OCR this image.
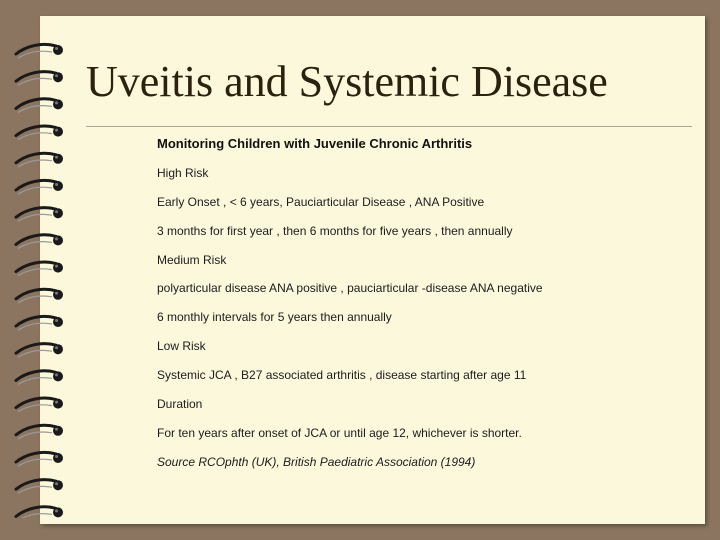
Uveitis and Systemic Disease
Monitoring Children with Juvenile Chronic Arthritis
High Risk
Early Onset , < 6 years, Pauciarticular Disease , ANA Positive
3 months for first year , then 6 months for five years , then annually
Medium Risk
polyarticular disease ANA positive , pauciarticular -disease ANA negative
6 monthly intervals for 5 years then annually
Low Risk
Systemic JCA , B27 associated arthritis , disease starting after age 11
Duration
For ten years after onset of JCA or until age 12, whichever is shorter.
Source RCOphth (UK), British Paediatric Association (1994)
